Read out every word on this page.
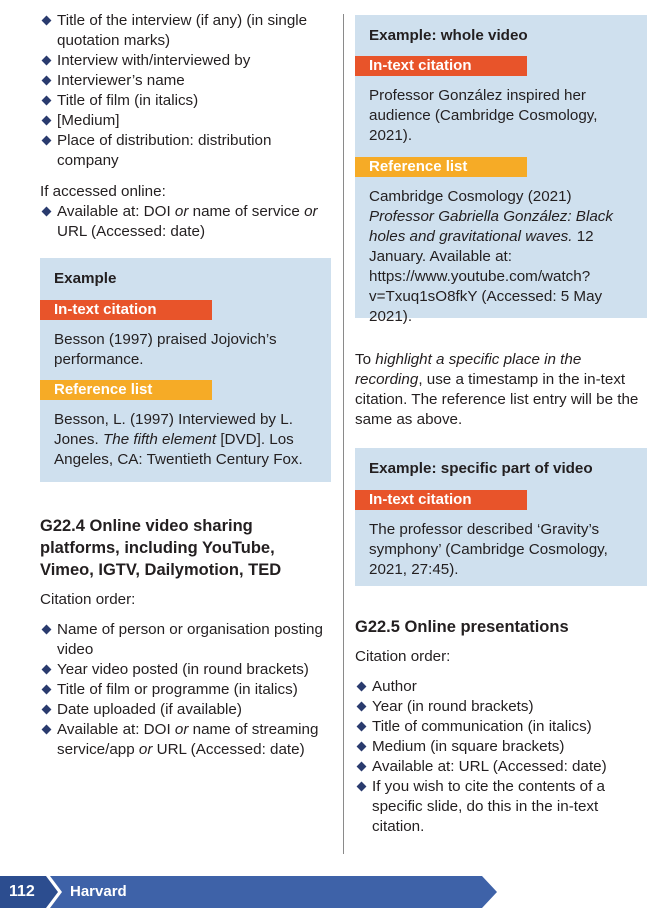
Title of the interview (if any) (in single quotation marks)
Interview with/interviewed by
Interviewer’s name
Title of film (in italics)
[Medium]
Place of distribution: distribution company

If accessed online:

Available at: DOI or name of service or URL (Accessed: date)
Example
In-text citation

Besson (1997) praised Jojovich’s performance.

Reference list

Besson, L. (1997) Interviewed by L. Jones. The fifth element [DVD]. Los Angeles, CA: Twentieth Century Fox.

G22.4 Online video sharing platforms, including YouTube, Vimeo, IGTV, Dailymotion, TED

Citation order:

Name of person or organisation posting video
Year video posted (in round brackets)
Title of film or programme (in italics)
Date uploaded (if available)
Available at: DOI or name of streaming service/app or URL (Accessed: date)
Example: whole video
In-text citation

Professor González inspired her audience (Cambridge Cosmology, 2021).

Reference list

Cambridge Cosmology (2021) Professor Gabriella González: Black holes and gravitational waves. 12 January. Available at: https://www.youtube.com/watch?v=Txuq1sO8fkY (Accessed: 5 May 2021).

To highlight a specific place in the recording, use a timestamp in the in-text citation. The reference list entry will be the same as above.

Example: specific part of video
In-text citation

The professor described ‘Gravity’s symphony’ (Cambridge Cosmology, 2021, 27:45).

G22.5 Online presentations

Citation order:

Author
Year (in round brackets)
Title of communication (in italics)
Medium (in square brackets)
Available at: URL (Accessed: date)
If you wish to cite the contents of a specific slide, do this in the in-text citation.
112 Harvard
